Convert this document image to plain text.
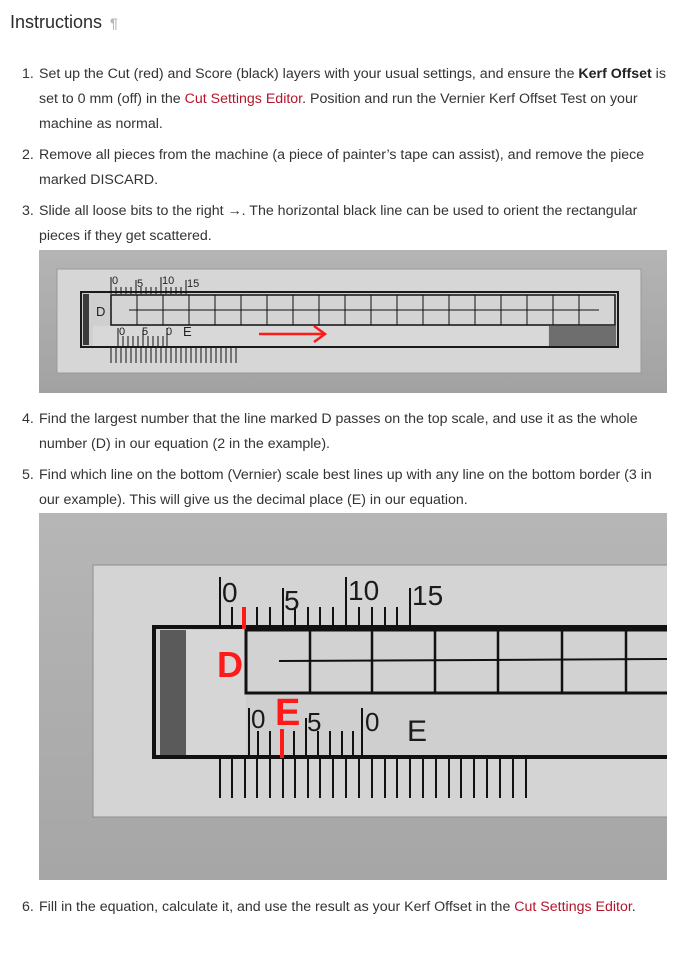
Instructions ¶
1. Set up the Cut (red) and Score (black) layers with your usual settings, and ensure the Kerf Offset is set to 0 mm (off) in the Cut Settings Editor. Position and run the Vernier Kerf Offset Test on your machine as normal.
2. Remove all pieces from the machine (a piece of painter’s tape can assist), and remove the piece marked DISCARD.
3. Slide all loose bits to the right →. The horizontal black line can be used to orient the rectangular pieces if they get scattered.
4. Find the largest number that the line marked D passes on the top scale, and use it as the whole number (D) in our equation (2 in the example).
5. Find which line on the bottom (Vernier) scale best lines up with any line on the bottom border (3 in our example). This will give us the decimal place (E) in our equation.
6. Fill in the equation, calculate it, and use the result as your Kerf Offset in the Cut Settings Editor.
0 5 10 15
D
0 5 0 E
0 5 10 15
0 5 0 E
D
E
